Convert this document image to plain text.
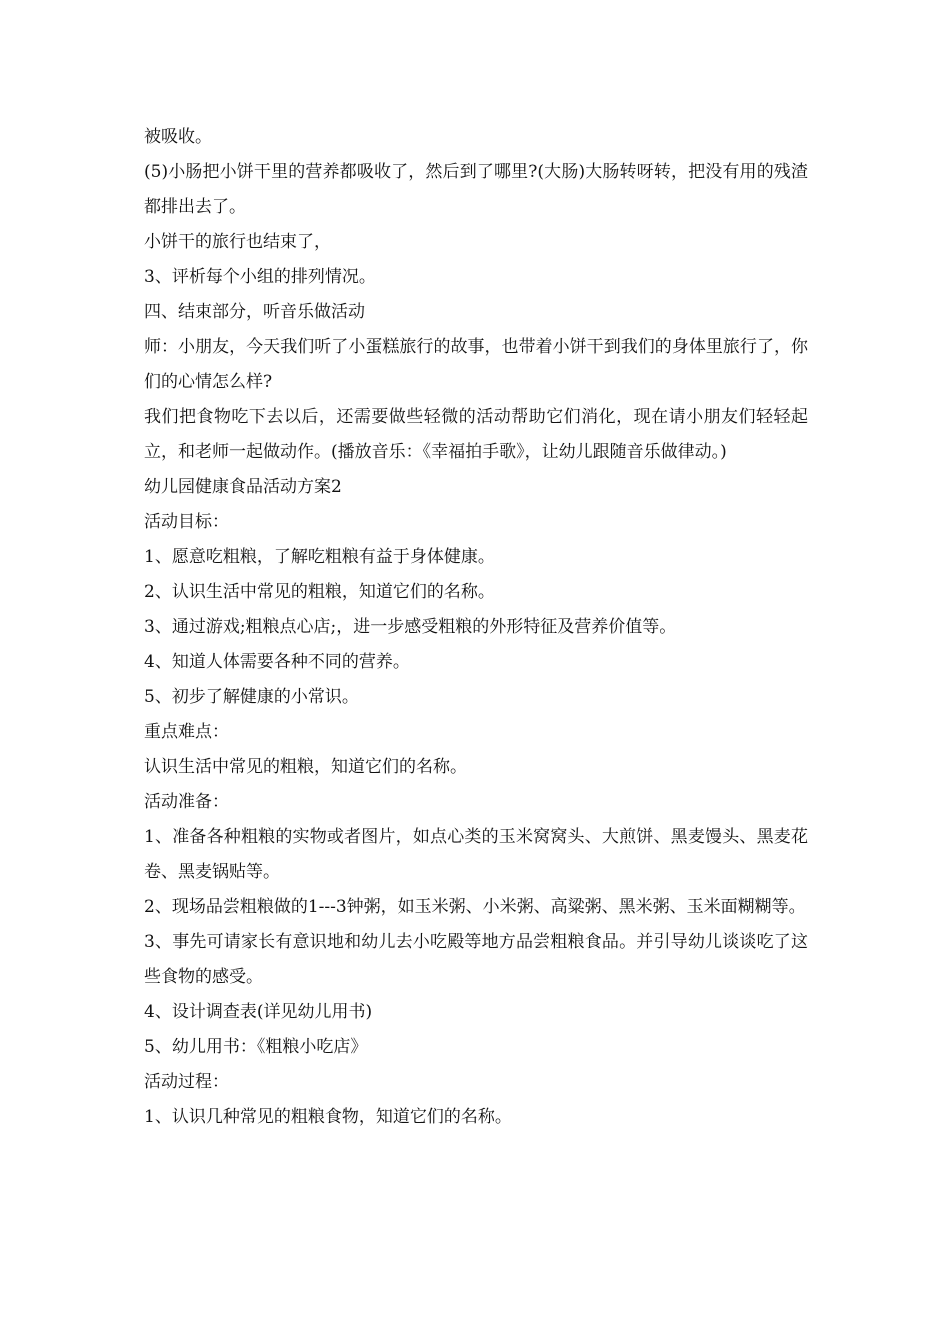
被吸收。

(5)小肠把小饼干里的营养都吸收了，然后到了哪里?(大肠)大肠转呀转，把没有用的残渣都排出去了。

小饼干的旅行也结束了，

3、评析每个小组的排列情况。

四、结束部分，听音乐做活动

师：小朋友，今天我们听了小蛋糕旅行的故事，也带着小饼干到我们的身体里旅行了，你们的心情怎么样?

我们把食物吃下去以后，还需要做些轻微的活动帮助它们消化，现在请小朋友们轻轻起立，和老师一起做动作。(播放音乐：《幸福拍手歌》，让幼儿跟随音乐做律动。)

幼儿园健康食品活动方案2

活动目标：

1、愿意吃粗粮，了解吃粗粮有益于身体健康。

2、认识生活中常见的粗粮，知道它们的名称。

3、通过游戏;粗粮点心店;，进一步感受粗粮的外形特征及营养价值等。

4、知道人体需要各种不同的营养。

5、初步了解健康的小常识。

重点难点：

认识生活中常见的粗粮，知道它们的名称。

活动准备：

1、准备各种粗粮的实物或者图片，如点心类的玉米窝窝头、大煎饼、黑麦馒头、黑麦花卷、黑麦锅贴等。

2、现场品尝粗粮做的1---3钟粥，如玉米粥、小米粥、高粱粥、黑米粥、玉米面糊糊等。

3、事先可请家长有意识地和幼儿去小吃殿等地方品尝粗粮食品。并引导幼儿谈谈吃了这些食物的感受。

4、设计调查表(详见幼儿用书)

5、幼儿用书：《粗粮小吃店》

活动过程：

1、认识几种常见的粗粮食物，知道它们的名称。
